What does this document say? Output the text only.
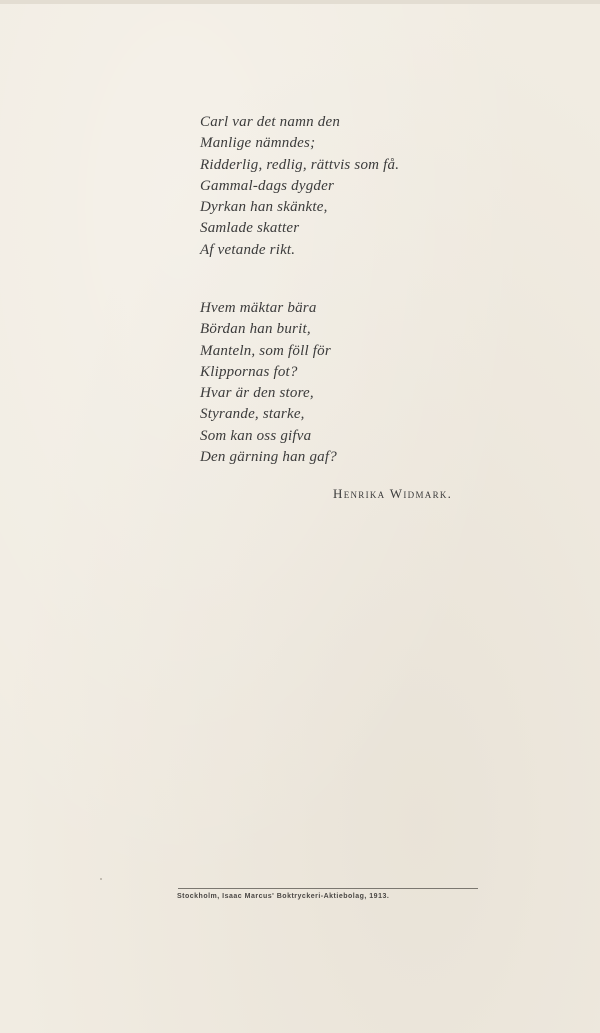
Carl var det namn den
Manlige nämndes;
Ridderlig, redlig, rättvis som få.
Gammal-dags dygder
Dyrkan han skänkte,
Samlade skatter
Af vetande rikt.
Hvem mäktar bära
Bördan han burit,
Manteln, som föll för
Klippornas fot?
Hvar är den store,
Styrande, starke,
Som kan oss gifva
Den gärning han gaf?
Henrika Widmark.
Stockholm, Isaac Marcus' Boktryckeri-Aktiebolag, 1913.
